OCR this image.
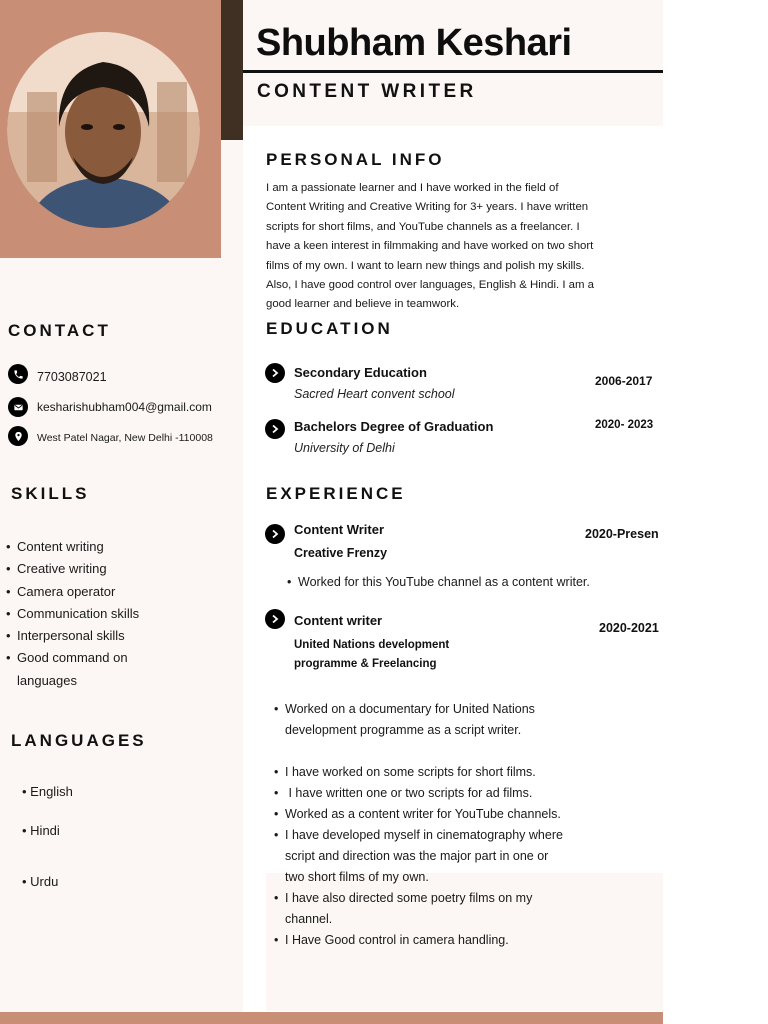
Shubham Keshari
CONTENT WRITER
PERSONAL INFO
I am a passionate learner and I have worked in the field of
Content Writing and Creative Writing for 3+ years. I have written
scripts for short films, and YouTube channels as a freelancer. I
have a keen interest in filmmaking and have worked on two short
films of my own. I want to learn new things and polish my skills.
Also, I have good control over languages, English & Hindi. I am a
good learner and believe in teamwork.
CONTACT
7703087021
kesharishubham004@gmail.com
West Patel Nagar, New Delhi -110008
SKILLS
• Content writing
• Creative writing
• Camera operator
• Communication skills
• Interpersonal skills
• Good command on
languages
LANGUAGES
• English
• Hindi
• Urdu
EDUCATION
Secondary Education
Sacred Heart convent school
2006-2017
Bachelors Degree of Graduation
University of Delhi
2020- 2023
EXPERIENCE
Content Writer
Creative Frenzy
2020-Presen
• Worked for this YouTube channel as a content writer.
Content writer
United Nations development
programme & Freelancing
2020-2021
• Worked on a documentary for United Nations
development programme as a script writer.
• I have worked on some scripts for short films.
•  I have written one or two scripts for ad films.
• Worked as a content writer for YouTube channels.
• I have developed myself in cinematography where
script and direction was the major part in one or
two short films of my own.
• I have also directed some poetry films on my
channel.
• I Have Good control in camera handling.
